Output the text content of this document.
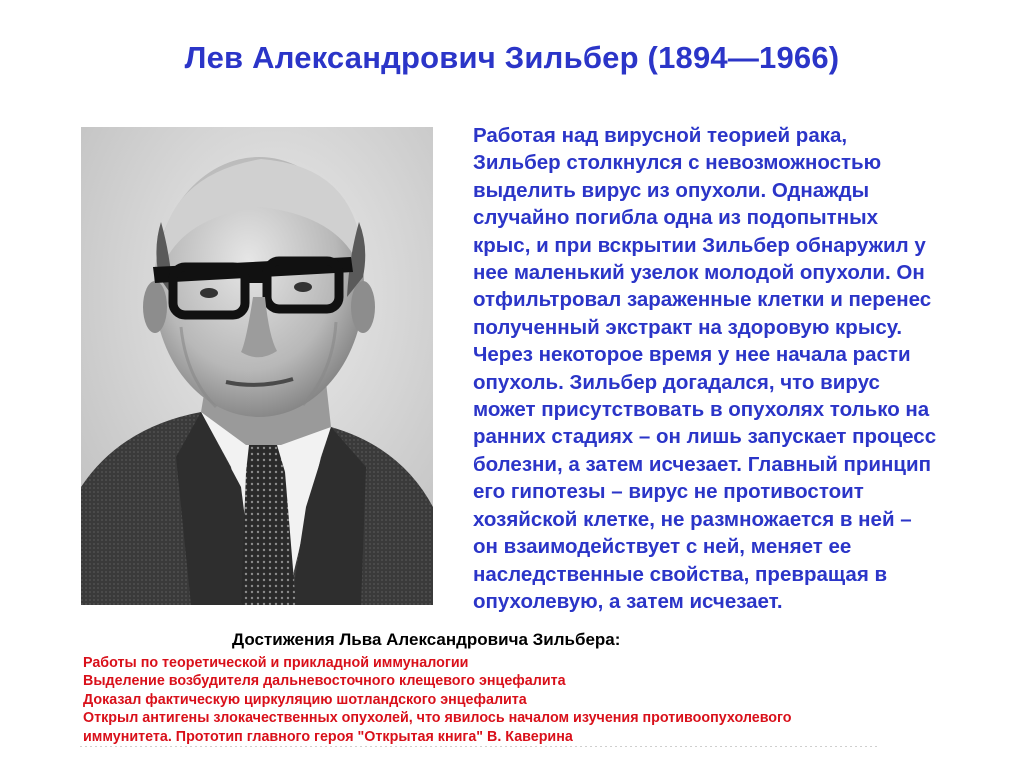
Лев Александрович Зильбер (1894—1966)
Работая над вирусной теорией рака,
Зильбер столкнулся с невозможностью
выделить вирус из опухоли. Однажды
случайно погибла одна из подопытных
крыс, и при вскрытии Зильбер обнаружил у
нее маленький узелок молодой опухоли. Он
отфильтровал зараженные клетки и перенес
полученный экстракт на здоровую крысу.
Через некоторое время у нее начала расти
опухоль. Зильбер догадался, что вирус
может присутствовать в опухолях только на
ранних стадиях – он лишь запускает процесс
болезни, а затем исчезает. Главный принцип
его гипотезы – вирус не противостоит
хозяйской клетке, не размножается в ней –
он взаимодействует с ней, меняет ее
наследственные свойства, превращая в
опухолевую, а затем исчезает.
Достижения Льва Александровича Зильбера:
Работы по теоретической и прикладной иммуналогии
Выделение возбудителя дальневосточного клещевого энцефалита
Доказал фактическую циркуляцию шотландского энцефалита
Открыл антигены злокачественных опухолей, что явилось началом изучения противоопухолевого
иммунитета. Прототип главного героя "Открытая книга" В. Каверина
